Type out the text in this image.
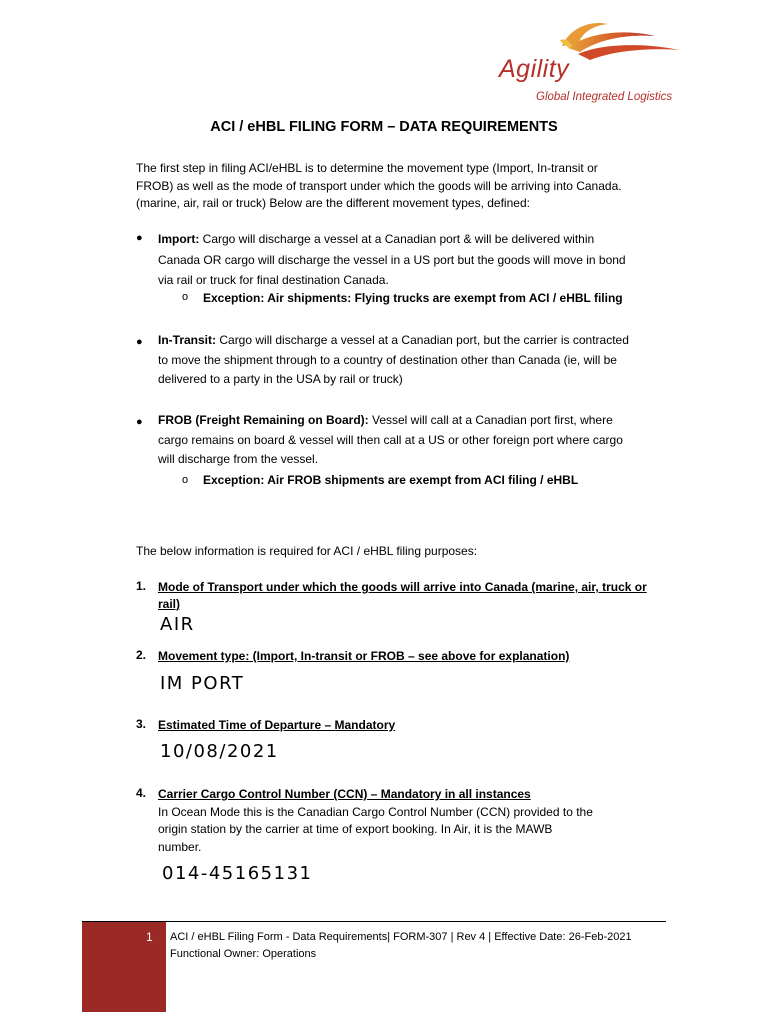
Agility
Global Integrated Logistics
ACI / eHBL FILING FORM – DATA REQUIREMENTS
The first step in filing ACI/eHBL is to determine the movement type (Import, In-transit or
FROB) as well as the mode of transport under which the goods will be arriving into Canada.
(marine, air, rail or truck) Below are the different movement types, defined:
● Import: Cargo will discharge a vessel at a Canadian port & will be delivered within
Canada OR cargo will discharge the vessel in a US port but the goods will move in bond
via rail or truck for final destination Canada.
o Exception: Air shipments: Flying trucks are exempt from ACI / eHBL filing
● In-Transit: Cargo will discharge a vessel at a Canadian port, but the carrier is contracted
to move the shipment through to a country of destination other than Canada (ie, will be
delivered to a party in the USA by rail or truck)
● FROB (Freight Remaining on Board): Vessel will call at a Canadian port first, where
cargo remains on board & vessel will then call at a US or other foreign port where cargo
will discharge from the vessel.
o Exception: Air FROB shipments are exempt from ACI filing / eHBL
The below information is required for ACI / eHBL filing purposes:
1. Mode of Transport under which the goods will arrive into Canada (marine, air, truck or
rail)
AIR
2. Movement type: (Import, In-transit or FROB – see above for explanation)
IM PORT
3. Estimated Time of Departure – Mandatory
10/08/2021
4. Carrier Cargo Control Number (CCN) – Mandatory in all instances
In Ocean Mode this is the Canadian Cargo Control Number (CCN) provided to the
origin station by the carrier at time of export booking. In Air, it is the MAWB
number.
014-45165131
1 ACI / eHBL Filing Form - Data Requirements| FORM-307 | Rev 4 | Effective Date: 26-Feb-2021
Functional Owner: Operations
